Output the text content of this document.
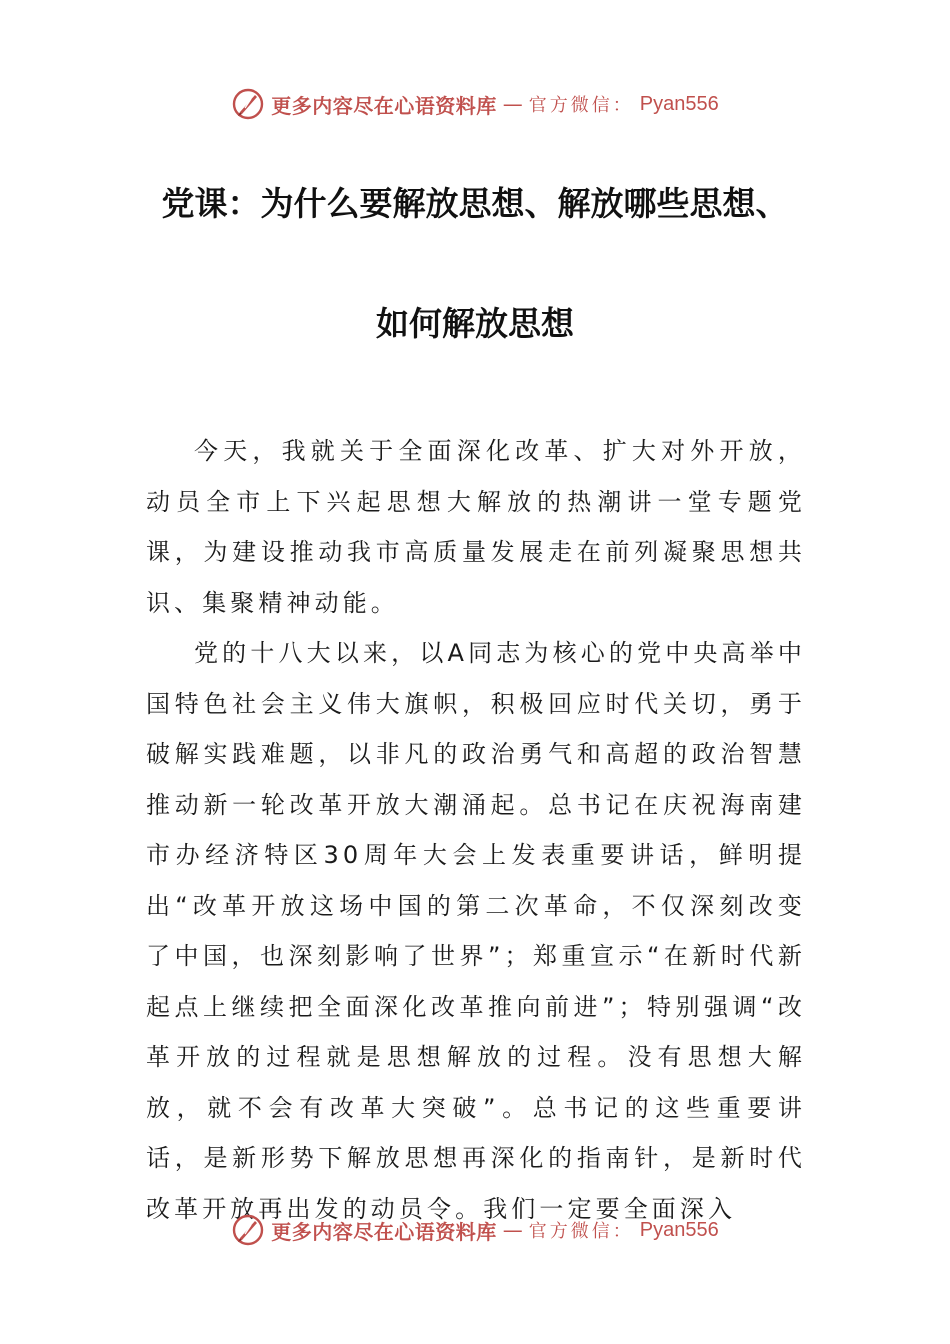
更多内容尽在心语资料库 — 官方微信： Pyan556
党课：为什么要解放思想、解放哪些思想、
如何解放思想

今天，我就关于全面深化改革、扩大对外开放，动员全市上下兴起思想大解放的热潮讲一堂专题党课，为建设推动我市高质量发展走在前列凝聚思想共识、集聚精神动能。

党的十八大以来，以A同志为核心的党中央高举中国特色社会主义伟大旗帜，积极回应时代关切，勇于破解实践难题，以非凡的政治勇气和高超的政治智慧推动新一轮改革开放大潮涌起。总书记在庆祝海南建市办经济特区30周年大会上发表重要讲话，鲜明提出“改革开放这场中国的第二次革命，不仅深刻改变了中国，也深刻影响了世界”；郑重宣示“在新时代新起点上继续把全面深化改革推向前进”；特别强调“改革开放的过程就是思想解放的过程。没有思想大解放，就不会有改革大突破”。总书记的这些重要讲话，是新形势下解放思想再深化的指南针，是新时代改革开放再出发的动员令。我们一定要全面深入

更多内容尽在心语资料库 — 官方微信： Pyan556
